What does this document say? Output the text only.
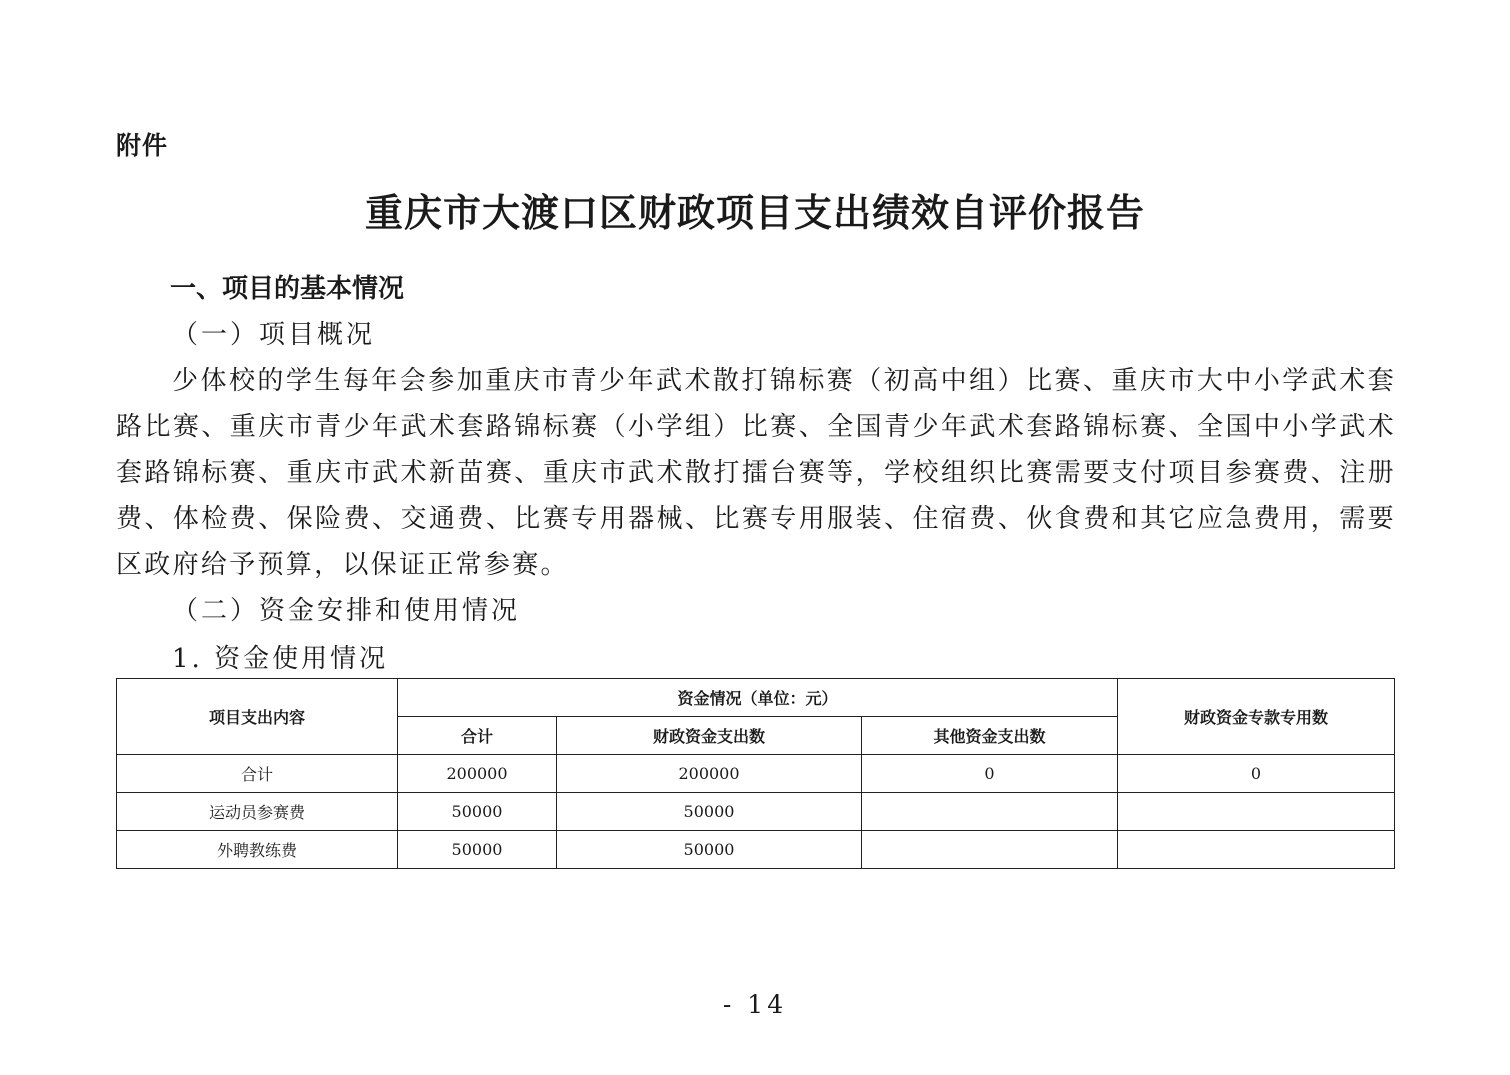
附件
重庆市大渡口区财政项目支出绩效自评价报告
一、项目的基本情况
（一）项目概况
少体校的学生每年会参加重庆市青少年武术散打锦标赛（初高中组）比赛、重庆市大中小学武术套路比赛、重庆市青少年武术套路锦标赛（小学组）比赛、全国青少年武术套路锦标赛、全国中小学武术套路锦标赛、重庆市武术新苗赛、重庆市武术散打擂台赛等，学校组织比赛需要支付项目参赛费、注册费、体检费、保险费、交通费、比赛专用器械、比赛专用服装、住宿费、伙食费和其它应急费用，需要区政府给予预算，以保证正常参赛。
（二）资金安排和使用情况
1. 资金使用情况
项目支出内容	资金情况（单位：元）			财政资金专款专用数
	合计	财政资金支出数	其他资金支出数	
合计	200000	200000	0	0
运动员参赛费	50000	50000		
外聘教练费	50000	50000		
- 14
